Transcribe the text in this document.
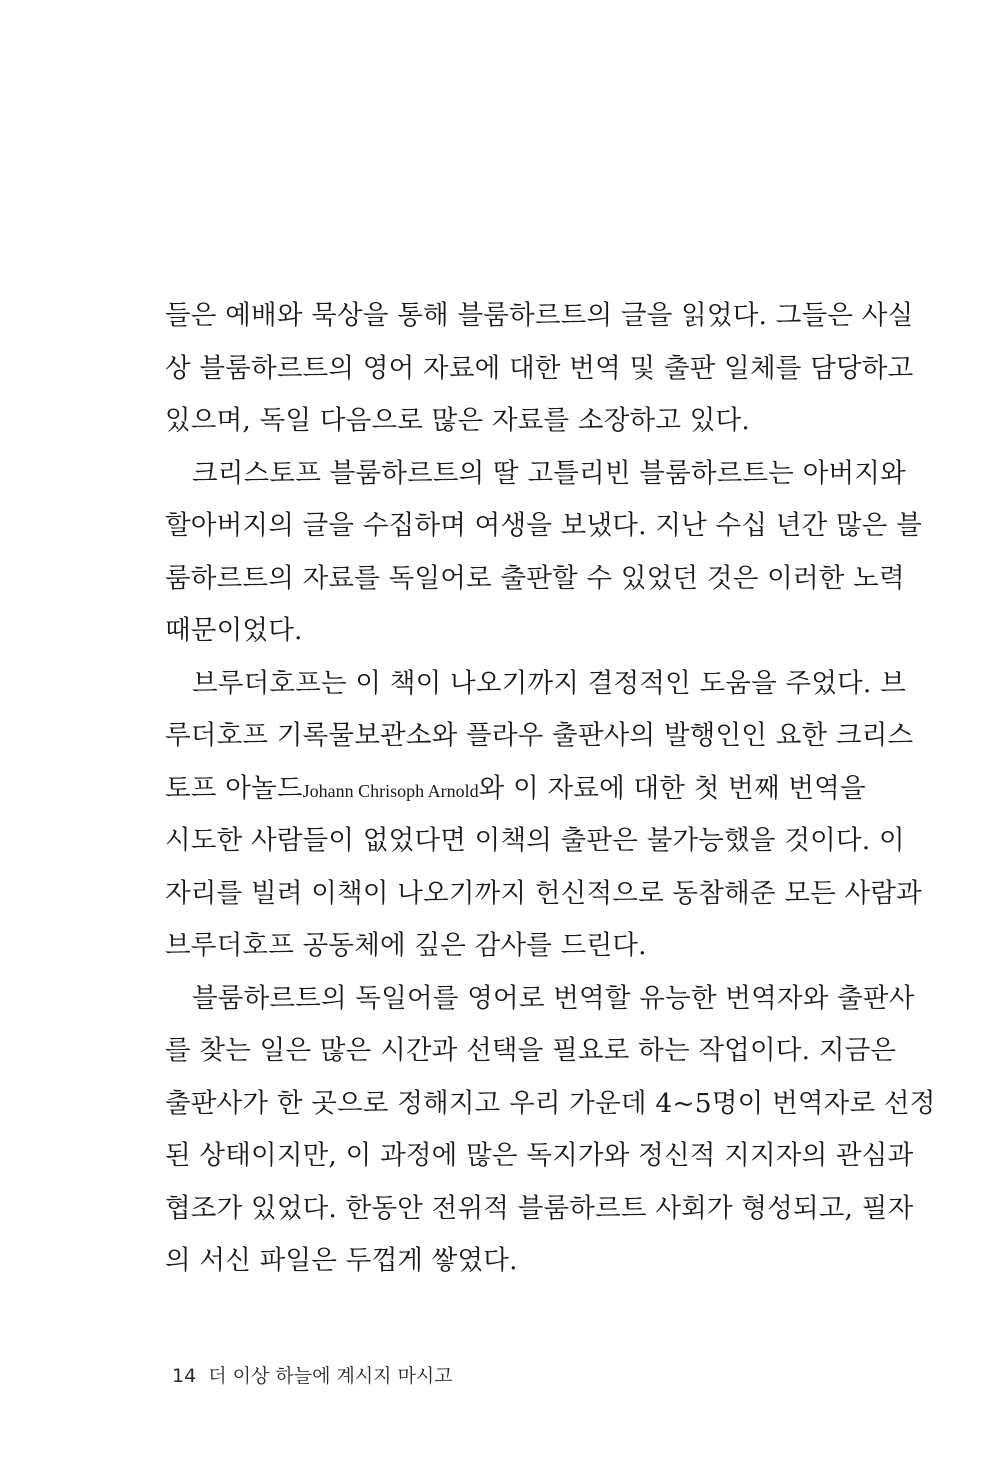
들은 예배와 묵상을 통해 블룸하르트의 글을 읽었다. 그들은 사실
상 블룸하르트의 영어 자료에 대한 번역 및 출판 일체를 담당하고
있으며, 독일 다음으로 많은 자료를 소장하고 있다.
크리스토프 블룸하르트의 딸 고틀리빈 블룸하르트는 아버지와
할아버지의 글을 수집하며 여생을 보냈다. 지난 수십 년간 많은 블
룸하르트의 자료를 독일어로 출판할 수 있었던 것은 이러한 노력
때문이었다.
브루더호프는 이 책이 나오기까지 결정적인 도움을 주었다. 브
루더호프 기록물보관소와 플라우 출판사의 발행인인 요한 크리스
토프 아놀드Johann Chrisoph Arnold와 이 자료에 대한 첫 번째 번역을
시도한 사람들이 없었다면 이책의 출판은 불가능했을 것이다. 이
자리를 빌려 이책이 나오기까지 헌신적으로 동참해준 모든 사람과
브루더호프 공동체에 깊은 감사를 드린다.
블룸하르트의 독일어를 영어로 번역할 유능한 번역자와 출판사
를 찾는 일은 많은 시간과 선택을 필요로 하는 작업이다. 지금은
출판사가 한 곳으로 정해지고 우리 가운데 4~5명이 번역자로 선정
된 상태이지만, 이 과정에 많은 독지가와 정신적 지지자의 관심과
협조가 있었다. 한동안 전위적 블룸하르트 사회가 형성되고, 필자
의 서신 파일은 두껍게 쌓였다.
14 더 이상 하늘에 계시지 마시고
